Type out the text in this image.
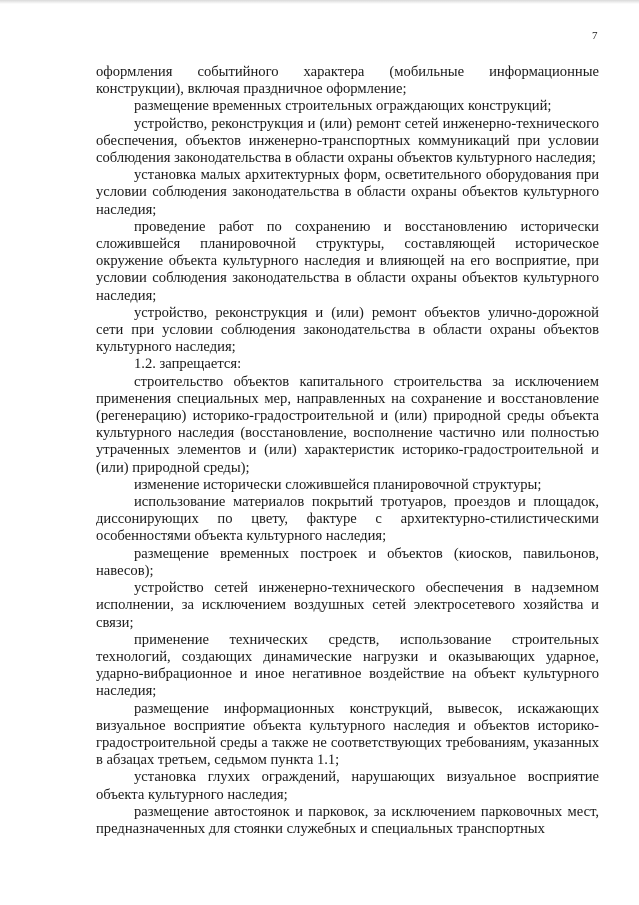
7

оформления событийного характера (мобильные информационные конструкции), включая праздничное оформление;

размещение временных строительных ограждающих конструкций;

устройство, реконструкция и (или) ремонт сетей инженерно-технического обеспечения, объектов инженерно-транспортных коммуникаций при условии соблюдения законодательства в области охраны объектов культурного наследия;

установка малых архитектурных форм, осветительного оборудования при условии соблюдения законодательства в области охраны объектов культурного наследия;

проведение работ по сохранению и восстановлению исторически сложившейся планировочной структуры, составляющей историческое окружение объекта культурного наследия и влияющей на его восприятие, при условии соблюдения законодательства в области охраны объектов культурного наследия;

устройство, реконструкция и (или) ремонт объектов улично-дорожной сети при условии соблюдения законодательства в области охраны объектов культурного наследия;

1.2. запрещается:

строительство объектов капитального строительства за исключением применения специальных мер, направленных на сохранение и восстановление (регенерацию) историко-градостроительной и (или) природной среды объекта культурного наследия (восстановление, восполнение частично или полностью утраченных элементов и (или) характеристик историко-градостроительной и (или) природной среды);

изменение исторически сложившейся планировочной структуры;

использование материалов покрытий тротуаров, проездов и площадок, диссонирующих по цвету, фактуре с архитектурно-стилистическими особенностями объекта культурного наследия;

размещение временных построек и объектов (киосков, павильонов, навесов);

устройство сетей инженерно-технического обеспечения в надземном исполнении, за исключением воздушных сетей электросетевого хозяйства и связи;

применение технических средств, использование строительных технологий, создающих динамические нагрузки и оказывающих ударное, ударно-вибрационное и иное негативное воздействие на объект культурного наследия;

размещение информационных конструкций, вывесок, искажающих визуальное восприятие объекта культурного наследия и объектов историко-градостроительной среды а также не соответствующих требованиям, указанных в абзацах третьем, седьмом пункта 1.1;

установка глухих ограждений, нарушающих визуальное восприятие объекта культурного наследия;

размещение автостоянок и парковок, за исключением парковочных мест, предназначенных для стоянки служебных и специальных транспортных
